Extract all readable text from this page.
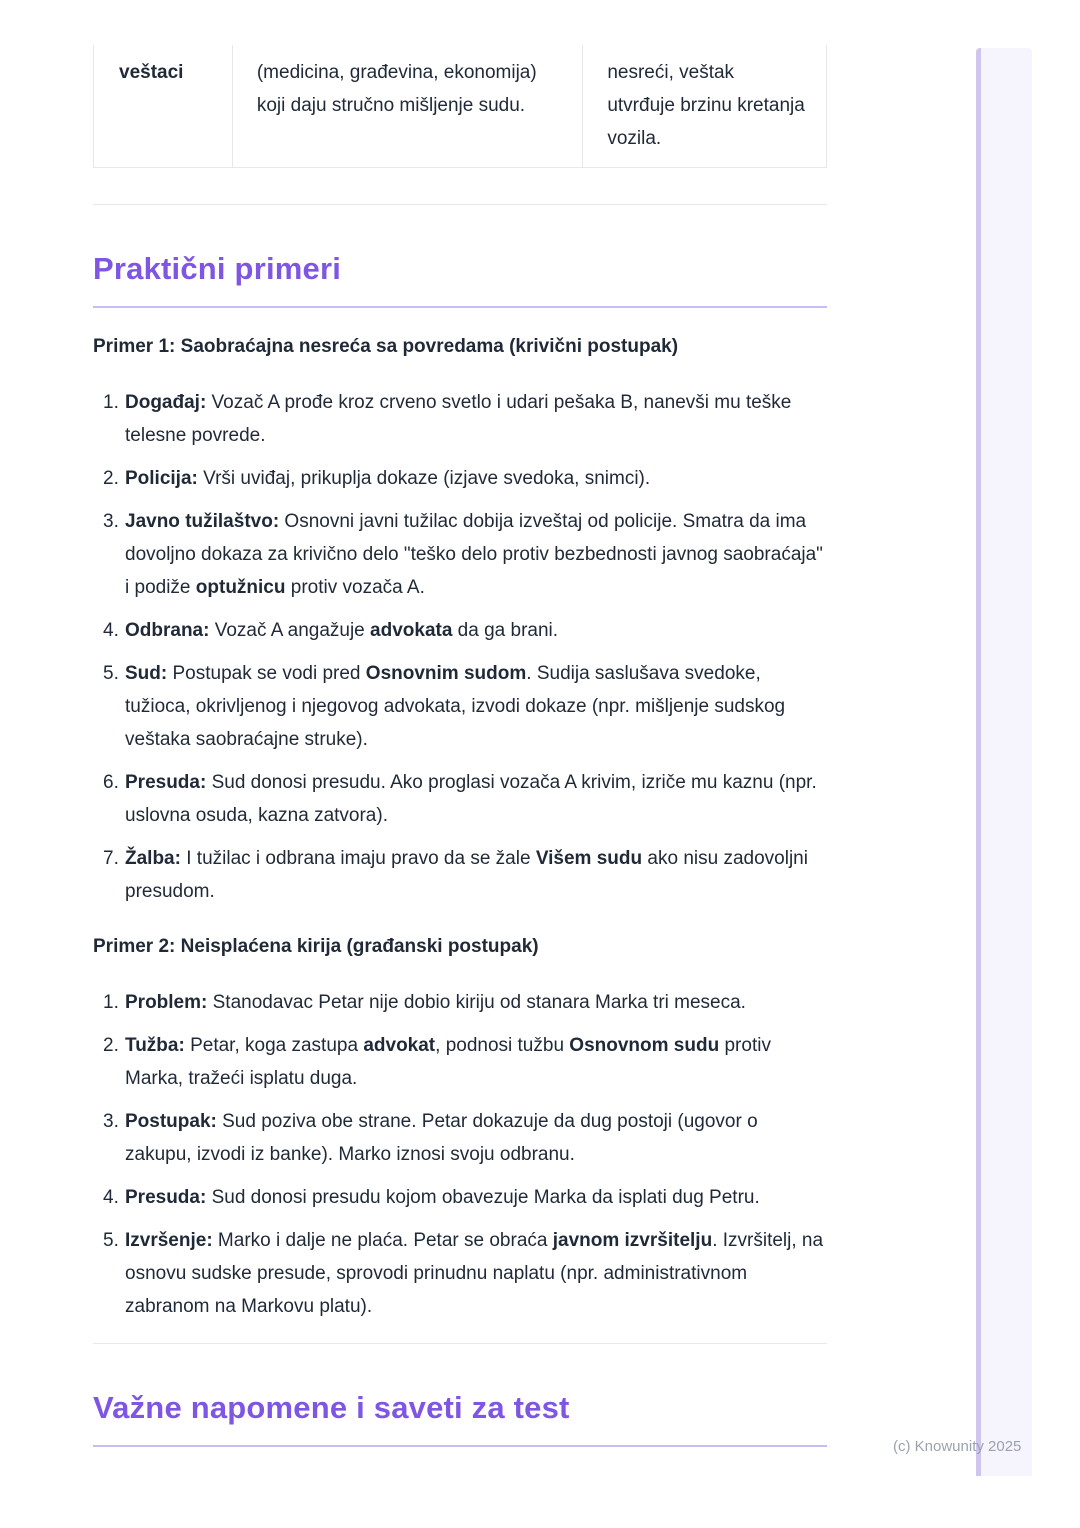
veštaci	(medicina, građevina, ekonomija) koji daju stručno mišljenje sudu.
nesreći, veštak utvrđuje brzinu kretanja vozila.
Praktični primeri
Primer 1: Saobraćajna nesreća sa povredama (krivični postupak)
1. Događaj: Vozač A prođe kroz crveno svetlo i udari pešaka B, nanevši mu teške telesne povrede.
2. Policija: Vrši uviđaj, prikuplja dokaze (izjave svedoka, snimci).
3. Javno tužilaštvo: Osnovni javni tužilac dobija izveštaj od policije. Smatra da ima dovoljno dokaza za krivično delo "teško delo protiv bezbednosti javnog saobraćaja" i podiže optužnicu protiv vozača A.
4. Odbrana: Vozač A angažuje advokata da ga brani.
5. Sud: Postupak se vodi pred Osnovnim sudom. Sudija saslušava svedoke, tužioca, okrivljenog i njegovog advokata, izvodi dokaze (npr. mišljenje sudskog veštaka saobraćajne struke).
6. Presuda: Sud donosi presudu. Ako proglasi vozača A krivim, izriče mu kaznu (npr. uslovna osuda, kazna zatvora).
7. Žalba: I tužilac i odbrana imaju pravo da se žale Višem sudu ako nisu zadovoljni presudom.
Primer 2: Neisplaćena kirija (građanski postupak)
1. Problem: Stanodavac Petar nije dobio kiriju od stanara Marka tri meseca.
2. Tužba: Petar, koga zastupa advokat, podnosi tužbu Osnovnom sudu protiv Marka, tražeći isplatu duga.
3. Postupak: Sud poziva obe strane. Petar dokazuje da dug postoji (ugovor o zakupu, izvodi iz banke). Marko iznosi svoju odbranu.
4. Presuda: Sud donosi presudu kojom obavezuje Marka da isplati dug Petru.
5. Izvršenje: Marko i dalje ne plaća. Petar se obraća javnom izvršitelju. Izvršitelj, na osnovu sudske presude, sprovodi prinudnu naplatu (npr. administrativnom zabranom na Markovu platu).
Važne napomene i saveti za test
(c) Knowunity 2025
